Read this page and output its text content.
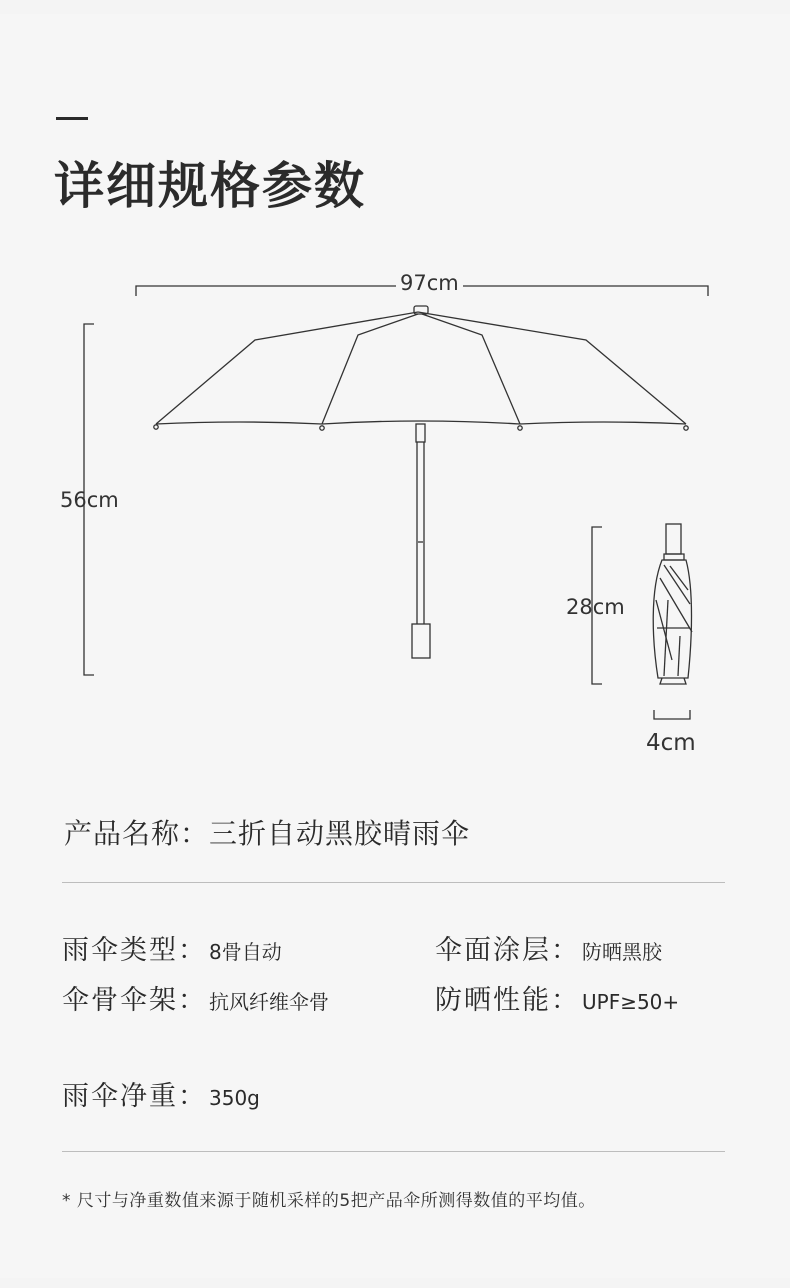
详细规格参数
97cm
56cm
28cm
4cm
产品名称：三折自动黑胶晴雨伞
雨伞类型： 8骨自动	伞面涂层： 防晒黑胶
伞骨伞架： 抗风纤维伞骨	防晒性能： UPF≥50+
雨伞净重： 350g
* 尺寸与净重数值来源于随机采样的5把产品伞所测得数值的平均值。
